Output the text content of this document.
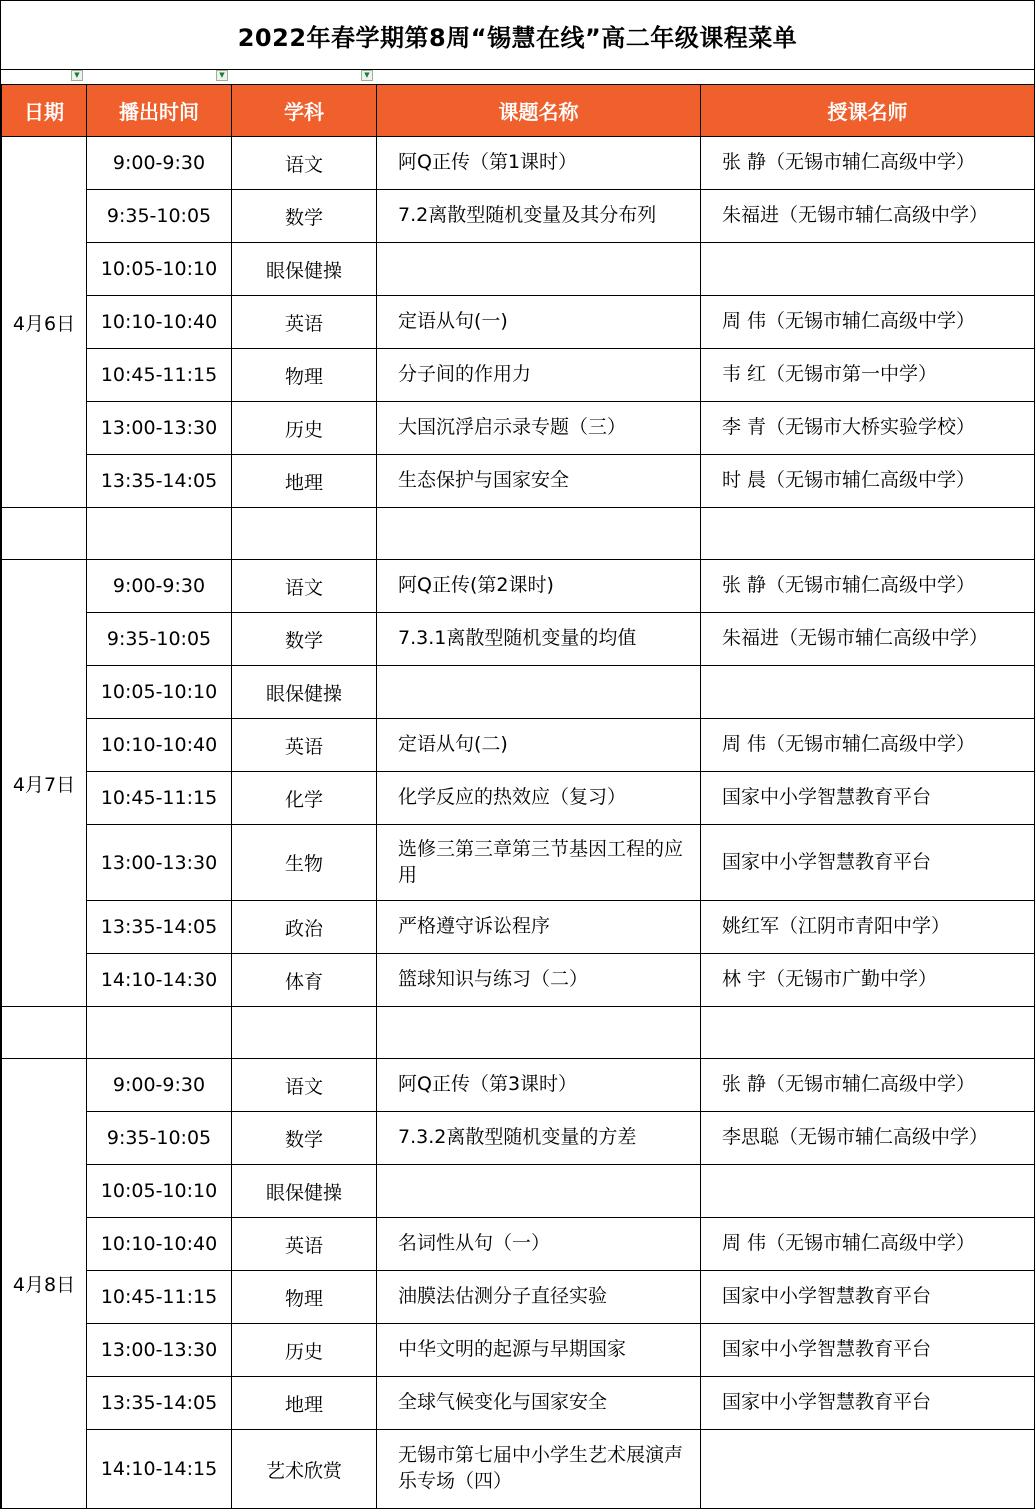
2022年春学期第8周“锡慧在线”高二年级课程菜单
▼	▼	▼
日期	播出时间	学科	课题名称	授课名师
4月6日	9:00-9:30	语文	阿Q正传（第1课时）	张 静（无锡市辅仁高级中学）
	9:35-10:05	数学	7.2离散型随机变量及其分布列	朱福进（无锡市辅仁高级中学）
	10:05-10:10	眼保健操		
	10:10-10:40	英语	定语从句(一)	周 伟（无锡市辅仁高级中学）
	10:45-11:15	物理	分子间的作用力	韦 红（无锡市第一中学）
	13:00-13:30	历史	大国沉浮启示录专题（三）	李 青（无锡市大桥实验学校）
	13:35-14:05	地理	生态保护与国家安全	时 晨（无锡市辅仁高级中学）

4月7日	9:00-9:30	语文	阿Q正传(第2课时)	张 静（无锡市辅仁高级中学）
	9:35-10:05	数学	7.3.1离散型随机变量的均值	朱福进（无锡市辅仁高级中学）
	10:05-10:10	眼保健操		
	10:10-10:40	英语	定语从句(二)	周 伟（无锡市辅仁高级中学）
	10:45-11:15	化学	化学反应的热效应（复习）	国家中小学智慧教育平台
	13:00-13:30	生物	选修三第三章第三节基因工程的应用	国家中小学智慧教育平台
	13:35-14:05	政治	严格遵守诉讼程序	姚红军（江阴市青阳中学）
	14:10-14:30	体育	篮球知识与练习（二）	林 宇（无锡市广勤中学）

4月8日	9:00-9:30	语文	阿Q正传（第3课时）	张 静（无锡市辅仁高级中学）
	9:35-10:05	数学	7.3.2离散型随机变量的方差	李思聪（无锡市辅仁高级中学）
	10:05-10:10	眼保健操		
	10:10-10:40	英语	名词性从句（一）	周 伟（无锡市辅仁高级中学）
	10:45-11:15	物理	油膜法估测分子直径实验	国家中小学智慧教育平台
	13:00-13:30	历史	中华文明的起源与早期国家	国家中小学智慧教育平台
	13:35-14:05	地理	全球气候变化与国家安全	国家中小学智慧教育平台
	14:10-14:15	艺术欣赏	无锡市第七届中小学生艺术展演声乐专场（四）	
